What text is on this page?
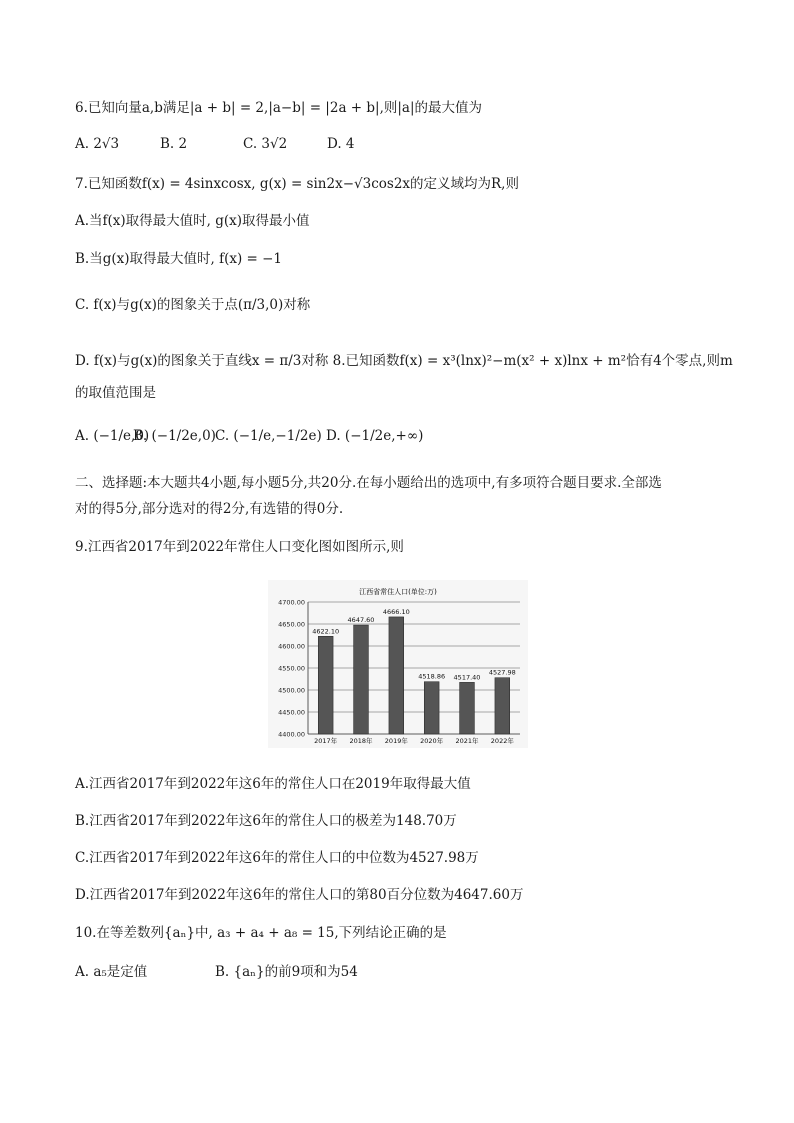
6.已知向量a,b满足|a + b| = 2,|a−b| = |2a + b|,则|a|的最大值为
A. 2√3	B. 2	C. 3√2	D. 4
7.已知函数f(x) = 4sinxcosx, g(x) = sin2x−√3cos2x的定义域均为R,则
A.当f(x)取得最大值时, g(x)取得最小值
B.当g(x)取得最大值时, f(x) = −1
C. f(x)与g(x)的图象关于点(π/3,0)对称
D. f(x)与g(x)的图象关于直线x = π/3对称 8.已知函数f(x) = x³(lnx)²−m(x² + x)lnx + m²恰有4个零点,则m
的取值范围是
A. (−1/e,0)
B. (−1/2e,0) C. (−1/e,−1/2e) D. (−1/2e,+∞)
二、选择题:本大题共4小题,每小题5分,共20分.在每小题给出的选项中,有多项符合题目要求.全部选
对的得5分,部分选对的得2分,有选错的得0分.
9.江西省2017年到2022年常住人口变化图如图所示,则
江西省常住人口(单位:万)
4700.00
4650.00
4600.00
4550.00
4500.00
4450.00
4400.00
4622.10
4647.60
4666.10
4518.86 4517.40
4527.98
2017年 2018年 2019年 2020年 2021年 2022年
A.江西省2017年到2022年这6年的常住人口在2019年取得最大值
B.江西省2017年到2022年这6年的常住人口的极差为148.70万
C.江西省2017年到2022年这6年的常住人口的中位数为4527.98万
D.江西省2017年到2022年这6年的常住人口的第80百分位数为4647.60万
10.在等差数列{aₙ}中, a₃ + a₄ + a₈ = 15,下列结论正确的是
A. a₅是定值	B. {aₙ}的前9项和为54
